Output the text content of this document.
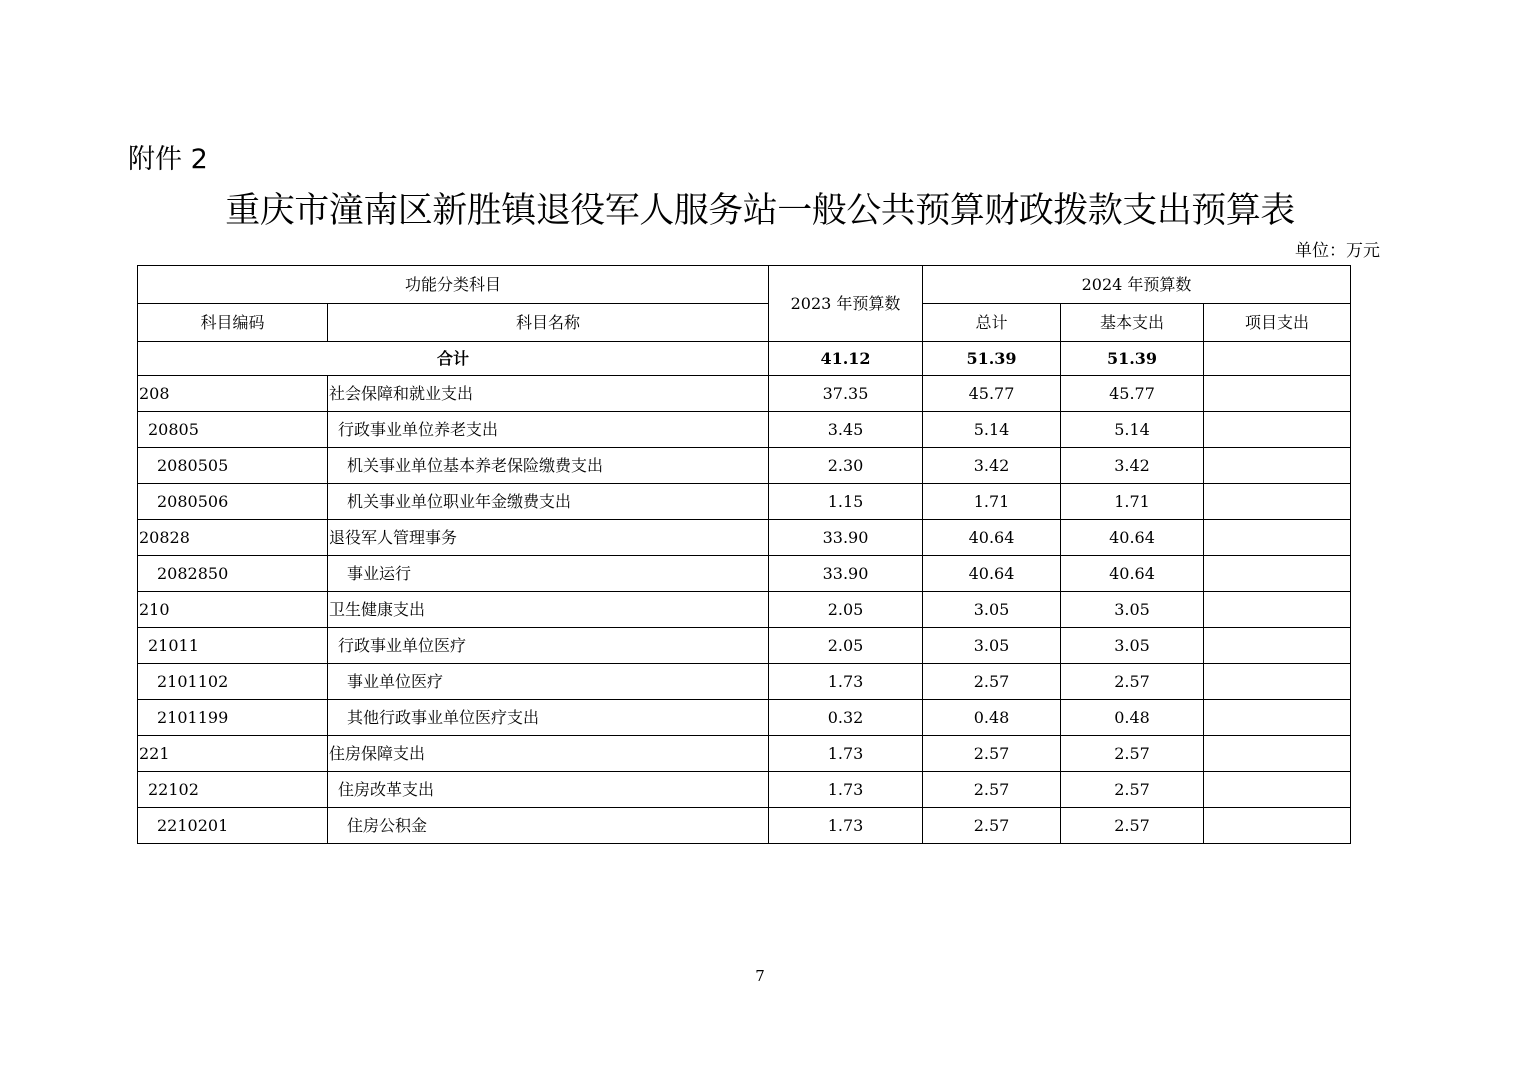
附件 2
重庆市潼南区新胜镇退役军人服务站一般公共预算财政拨款支出预算表
单位：万元
功能分类科目		2023 年预算数	2024 年预算数		
科目编码	科目名称		总计	基本支出	项目支出
合计		41.12	51.39	51.39	
208	社会保障和就业支出	37.35	45.77	45.77	
20805	行政事业单位养老支出	3.45	5.14	5.14	
2080505	机关事业单位基本养老保险缴费支出	2.30	3.42	3.42	
2080506	机关事业单位职业年金缴费支出	1.15	1.71	1.71	
20828	退役军人管理事务	33.90	40.64	40.64	
2082850	事业运行	33.90	40.64	40.64	
210	卫生健康支出	2.05	3.05	3.05	
21011	行政事业单位医疗	2.05	3.05	3.05	
2101102	事业单位医疗	1.73	2.57	2.57	
2101199	其他行政事业单位医疗支出	0.32	0.48	0.48	
221	住房保障支出	1.73	2.57	2.57	
22102	住房改革支出	1.73	2.57	2.57	
2210201	住房公积金	1.73	2.57	2.57	
7
